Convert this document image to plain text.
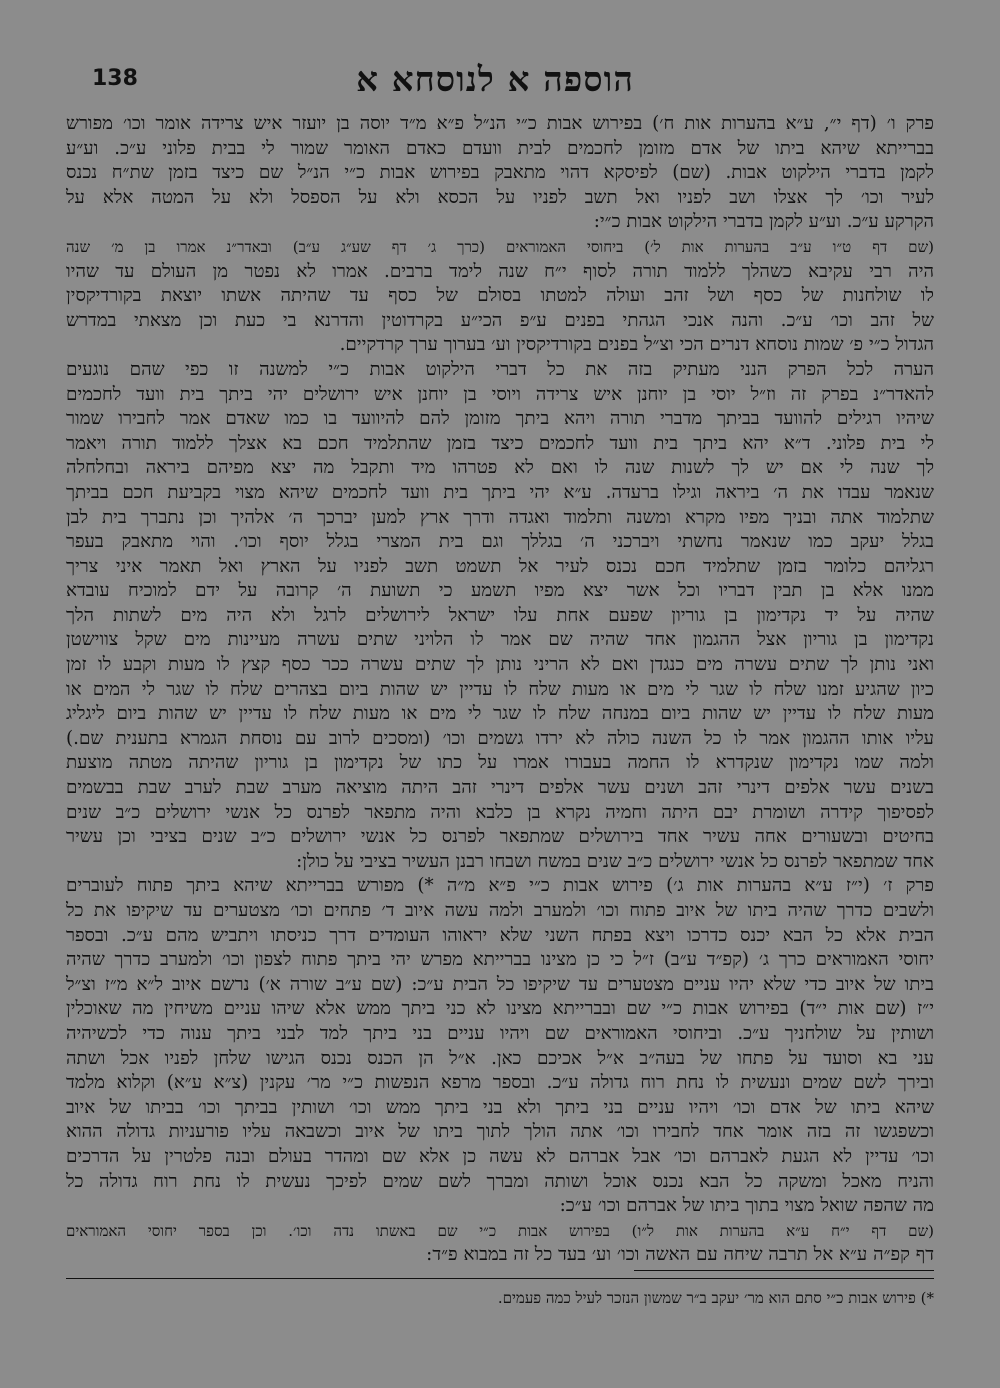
הוספה א לנוסחא א
138
פרק ו׳ (דף י״, ע״א בהערות אות ח׳) בפירוש אבות כ״י הנ״ל פ״א מ״ד יוסה בן יועזר איש צרידה אומר וכו׳ מפורש
בברייתא שיהא ביתו של אדם מזומן לחכמים לבית וועדם כאדם האומר שמור לי בבית פלוני ע״כ. וע״ע
לקמן בדברי הילקוט אבות. (שם) לפיסקא דהוי מתאבק בפירוש אבות כ״י הנ״ל שם כיצד בזמן שת״ח נכנס
לעיר וכו׳ לך אצלו ושב לפניו ואל תשב לפניו על הכסא ולא על הספסל ולא על המטה אלא על
הקרקע ע״כ. וע״ע לקמן בדברי הילקוט אבות כ״י:
(שם דף ט״ו ע״ב בהערות אות ל׳) ביחוסי האמוראים (כרך ג׳ דף שע״ג ע״ב) ובאדר״נ אמרו בן מ׳ שנה
היה רבי עקיבא כשהלך ללמוד תורה לסוף י״ח שנה לימד ברבים. אמרו לא נפטר מן העולם עד שהיו
לו שולחנות של כסף ושל זהב ועולה למטתו בסולם של כסף עד שהיתה אשתו יוצאת בקורדיקסין
של זהב וכו׳ ע״כ. והנה אנכי הגהתי בפנים ע״פ הכי״ע בקרדוטין והדרנא בי כעת וכן מצאתי במדרש
הגדול כ״י פ׳ שמות נוסחא דנרים הכי וצ״ל בפנים בקורדיקסין וע׳ בערוך ערך קרדקיים.
הערה לכל הפרק הנני מעתיק בזה את כל דברי הילקוט אבות כ״י למשנה זו כפי שהם נוגעים
להאדר״נ בפרק זה וז״ל יוסי בן יוחנן איש צרידה ויוסי בן יוחנן איש ירושלים יהי ביתך בית וועד לחכמים
שיהיו רגילים להוועד בביתך מדברי תורה ויהא ביתך מזומן להם להיוועד בו כמו שאדם אמר לחבירו שמור
לי בית פלוני. ד״א יהא ביתך בית וועד לחכמים כיצד בזמן שהתלמיד חכם בא אצלך ללמוד תורה ויאמר
לך שנה לי אם יש לך לשנות שנה לו ואם לא פטרהו מיד ותקבל מה יצא מפיהם ביראה ובחלחלה
שנאמר עבדו את ה׳ ביראה וגילו ברעדה. ע״א יהי ביתך בית וועד לחכמים שיהא מצוי בקביעת חכם בביתך
שתלמוד אתה ובניך מפיו מקרא ומשנה ותלמוד ואגדה ודרך ארץ למען יברכך ה׳ אלהיך וכן נתברך בית לבן
בגלל יעקב כמו שנאמר נחשתי ויברכני ה׳ בגללך וגם בית המצרי בגלל יוסף וכו׳. והוי מתאבק בעפר
רגליהם כלומר בזמן שתלמיד חכם נכנס לעיר אל תשמט תשב לפניו על הארץ ואל תאמר איני צריך
ממנו אלא בן תבין דבריו וכל אשר יצא מפיו תשמע כי תשועת ה׳ קרובה על ידם למוכיח עובדא
שהיה על יד נקדימון בן גוריון שפעם אחת עלו ישראל לירושלים לרגל ולא היה מים לשתות הלך
נקדימון בן גוריון אצל ההגמון אחד שהיה שם אמר לו הלויני שתים עשרה מעיינות מים שקל צווישטן
ואני נותן לך שתים עשרה מים כנגדן ואם לא הריני נותן לך שתים עשרה ככר כסף קצץ לו מעות וקבע לו זמן
כיון שהגיע זמנו שלח לו שגר לי מים או מעות שלח לו עדיין יש שהות ביום בצהרים שלח לו שגר לי המים או
מעות שלח לו עדיין יש שהות ביום במנחה שלח לו שגר לי מים או מעות שלח לו עדיין יש שהות ביום ליגליג
עליו אותו ההגמון אמר לו כל השנה כולה לא ירדו גשמים וכו׳ (ומסכים לרוב עם נוסחת הגמרא בתענית שם.)
ולמה שמו נקדימון שנקדרא לו החמה בעבורו אמרו על כתו של נקדימון בן גוריון שהיתה מטתה מוצעת
בשנים עשר אלפים דינרי זהב ושנים עשר אלפים דינרי זהב היתה מוציאה מערב שבת לערב שבת בבשמים
לפסיפוך קידרה ושומרת יבם היתה וחמיה נקרא בן כלבא והיה מתפאר לפרנס כל אנשי ירושלים כ״ב שנים
בחיטים ובשעורים אחה עשיר אחד בירושלים שמתפאר לפרנס כל אנשי ירושלים כ״ב שנים בציבי וכן עשיר
אחד שמתפאר לפרנס כל אנשי ירושלים כ״ב שנים במשח ושבחו רבנן העשיר בציבי על כולן:
פרק ז׳ (י״ז ע״א בהערות אות ג׳) פירוש אבות כ״י פ״א מ״ה *) מפורש בברייתא שיהא ביתך פתוח לעוברים
ולשבים כדרך שהיה ביתו של איוב פתוח וכו׳ ולמערב ולמה עשה איוב ד׳ פתחים וכו׳ מצטערים עד שיקיפו את כל
הבית אלא כל הבא יכנס כדרכו ויצא בפתח השני שלא יראוהו העומדים דרך כניסתו ויתביש מהם ע״כ. ובספר
יחוסי האמוראים כרך ג׳ (קפ״ד ע״ב) ז״ל כי כן מצינו בברייתא מפרש יהי ביתך פתוח לצפון וכו׳ ולמערב כדרך שהיה
ביתו של איוב כדי שלא יהיו עניים מצטערים עד שיקיפו כל הבית ע״כ: (שם ע״ב שורה א׳) נרשם איוב ל״א מ״ז וצ״ל
י״ז (שם אות י״ד) בפירוש אבות כ״י שם ובברייתא מצינו לא כני ביתך ממש אלא שיהו עניים משיחין מה שאוכלין
ושותין על שולחניך ע״כ. וביחוסי האמוראים שם ויהיו עניים בני ביתך למד לבני ביתך ענוה כדי לכשיהיה
עני בא וסועד על פתחו של בעה״ב א״ל אכיכם כאן. א״ל הן הכנס נכנס הגישו שלחן לפניו אכל ושתה
ובירך לשם שמים ונעשית לו נחת רוח גדולה ע״כ. ובספר מרפא הנפשות כ״י מר׳ עקנין (צ״א ע״א) וקלוא מלמד
שיהא ביתו של אדם וכו׳ ויהיו עניים בני ביתך ולא בני ביתך ממש וכו׳ ושותין בביתך וכו׳ בביתו של איוב
וכשפגשו זה בזה אומר אחד לחבירו וכו׳ אתה הולך לתוך ביתו של איוב וכשבאה עליו פורעניות גדולה ההוא
וכו׳ עדיין לא הגעת לאברהם וכו׳ אבל אברהם לא עשה כן אלא שם ומהדר בעולם ובנה פלטרין על הדרכים
והניח מאכל ומשקה כל הבא נכנס אוכל ושותה ומברך לשם שמים לפיכך נעשית לו נחת רוח גדולה כל
מה שהפה שואל מצוי בתוך ביתו של אברהם וכו׳ ע״כ:
(שם דף י״ח ע״א בהערות אות ל״ו) בפירוש אבות כ״י שם באשתו נדה וכו׳. וכן בספר יחוסי האמוראים
דף קפ״ה ע״א אל תרבה שיחה עם האשה וכו׳ וע׳ בעד כל זה במבוא פ״ד:
*) פירוש אבות כ״י סתם הוא מר׳ יעקב ב״ר שמשון הנזכר לעיל כמה פעמים.
